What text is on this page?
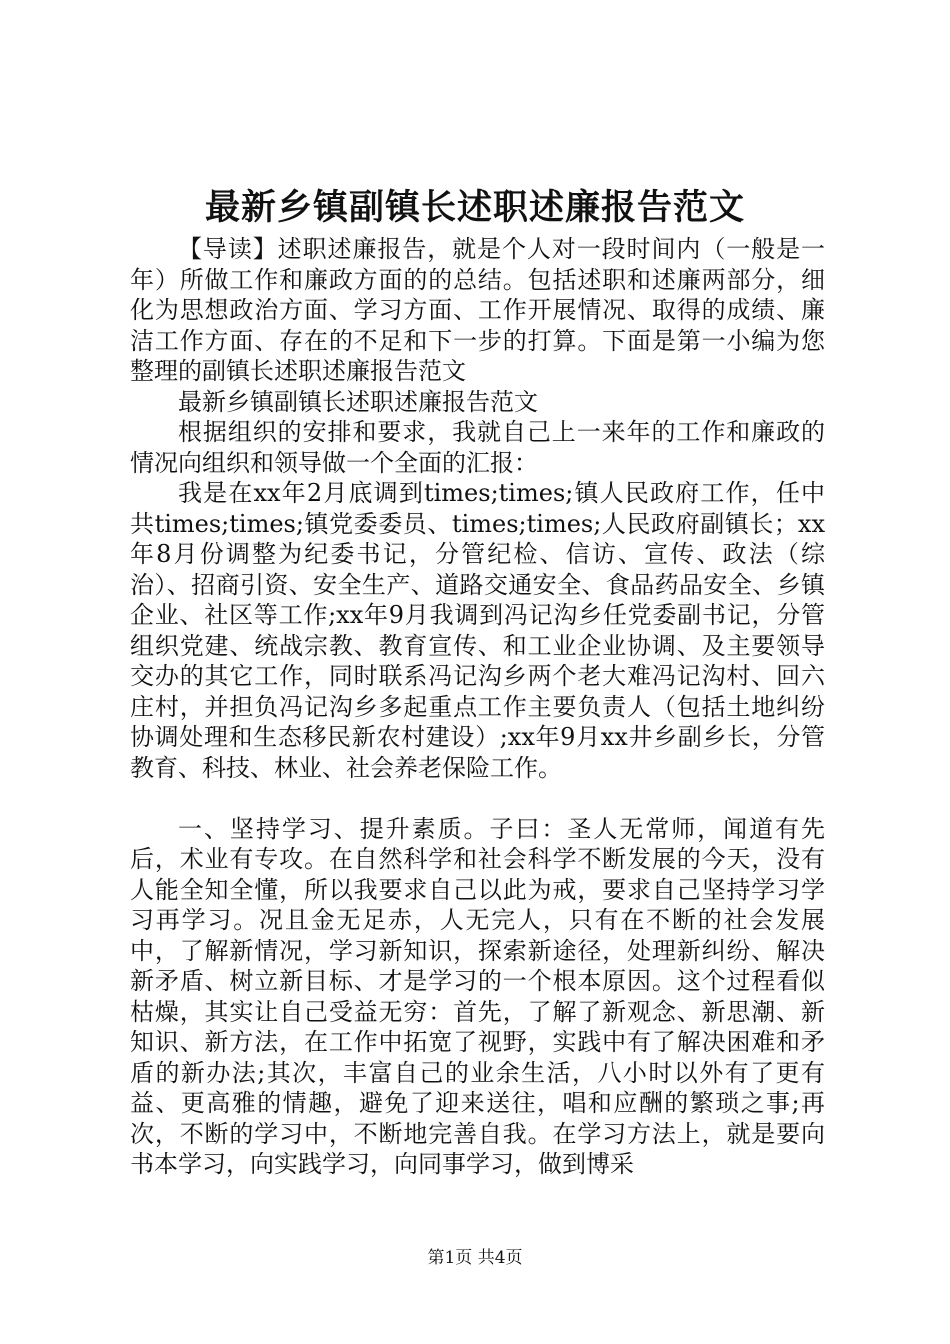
最新乡镇副镇长述职述廉报告范文

【导读】述职述廉报告，就是个人对一段时间内（一般是一年）所做工作和廉政方面的的总结。包括述职和述廉两部分，细化为思想政治方面、学习方面、工作开展情况、取得的成绩、廉洁工作方面、存在的不足和下一步的打算。下面是第一小编为您整理的副镇长述职述廉报告范文

最新乡镇副镇长述职述廉报告范文

根据组织的安排和要求，我就自己上一来年的工作和廉政的情况向组织和领导做一个全面的汇报：

我是在xx年2月底调到times;times;镇人民政府工作，任中共times;times;镇党委委员、times;times;人民政府副镇长；xx年8月份调整为纪委书记，分管纪检、信访、宣传、政法（综治）、招商引资、安全生产、道路交通安全、食品药品安全、乡镇企业、社区等工作;xx年9月我调到冯记沟乡任党委副书记，分管组织党建、统战宗教、教育宣传、和工业企业协调、及主要领导交办的其它工作，同时联系冯记沟乡两个老大难冯记沟村、回六庄村，并担负冯记沟乡多起重点工作主要负责人（包括土地纠纷协调处理和生态移民新农村建设）;xx年9月xx井乡副乡长，分管教育、科技、林业、社会养老保险工作。

一、坚持学习、提升素质。子曰：圣人无常师，闻道有先后，术业有专攻。在自然科学和社会科学不断发展的今天，没有人能全知全懂，所以我要求自己以此为戒，要求自己坚持学习学习再学习。况且金无足赤，人无完人，只有在不断的社会发展中，了解新情况，学习新知识，探索新途径，处理新纠纷、解决新矛盾、树立新目标、才是学习的一个根本原因。这个过程看似枯燥，其实让自己受益无穷：首先，了解了新观念、新思潮、新知识、新方法，在工作中拓宽了视野，实践中有了解决困难和矛盾的新办法;其次，丰富自己的业余生活，八小时以外有了更有益、更高雅的情趣，避免了迎来送往，唱和应酬的繁琐之事;再次，不断的学习中，不断地完善自我。在学习方法上，就是要向书本学习，向实践学习，向同事学习，做到博采

第1页 共4页
